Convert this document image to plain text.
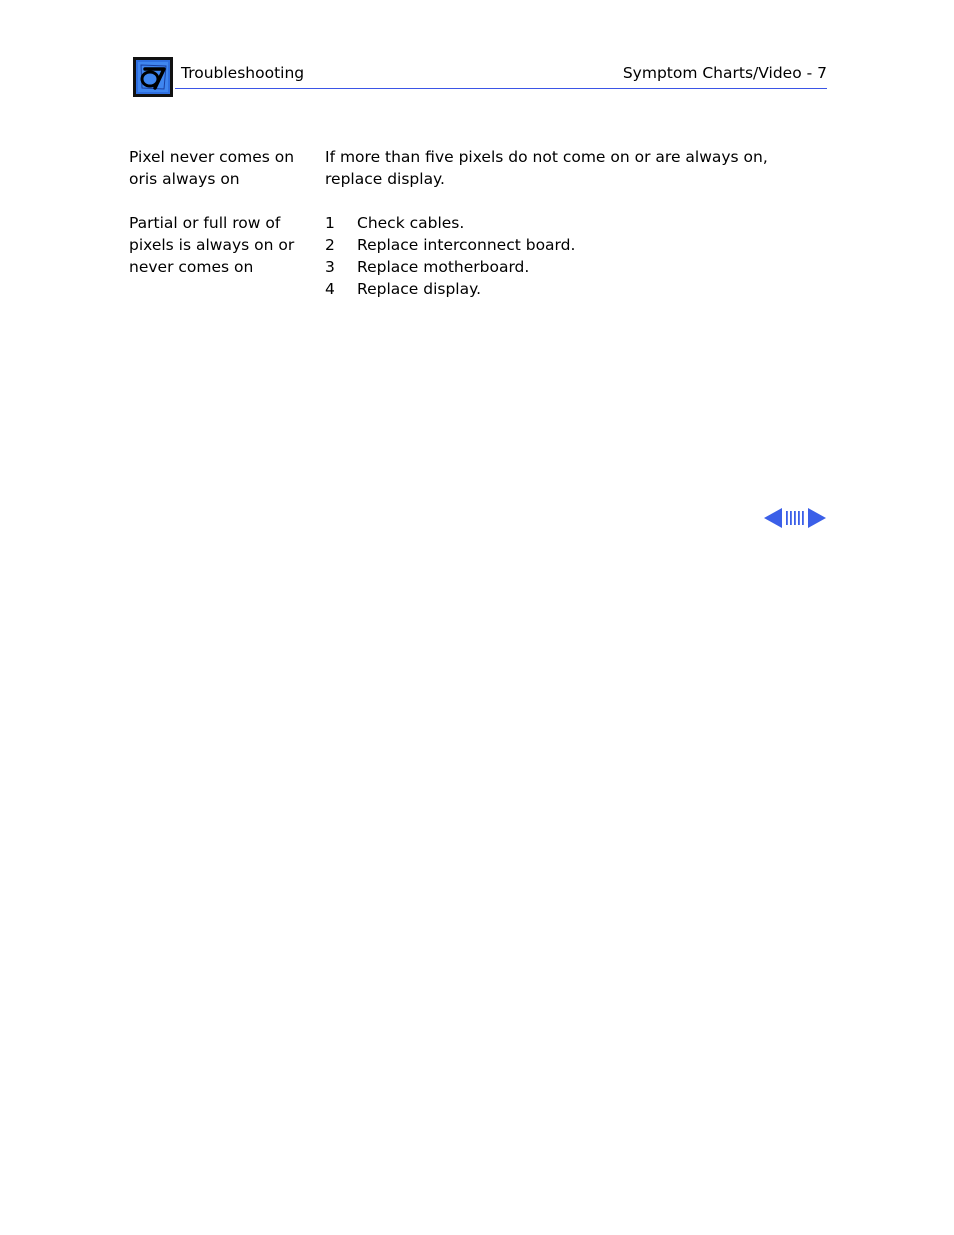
Troubleshooting	Symptom Charts/Video - 7
Pixel never comes on
oris always on
If more than five pixels do not come on or are always on, replace display.
Partial or full row of
pixels is always on or
never comes on
1 Check cables.
2 Replace interconnect board.
3 Replace motherboard.
4 Replace display.
